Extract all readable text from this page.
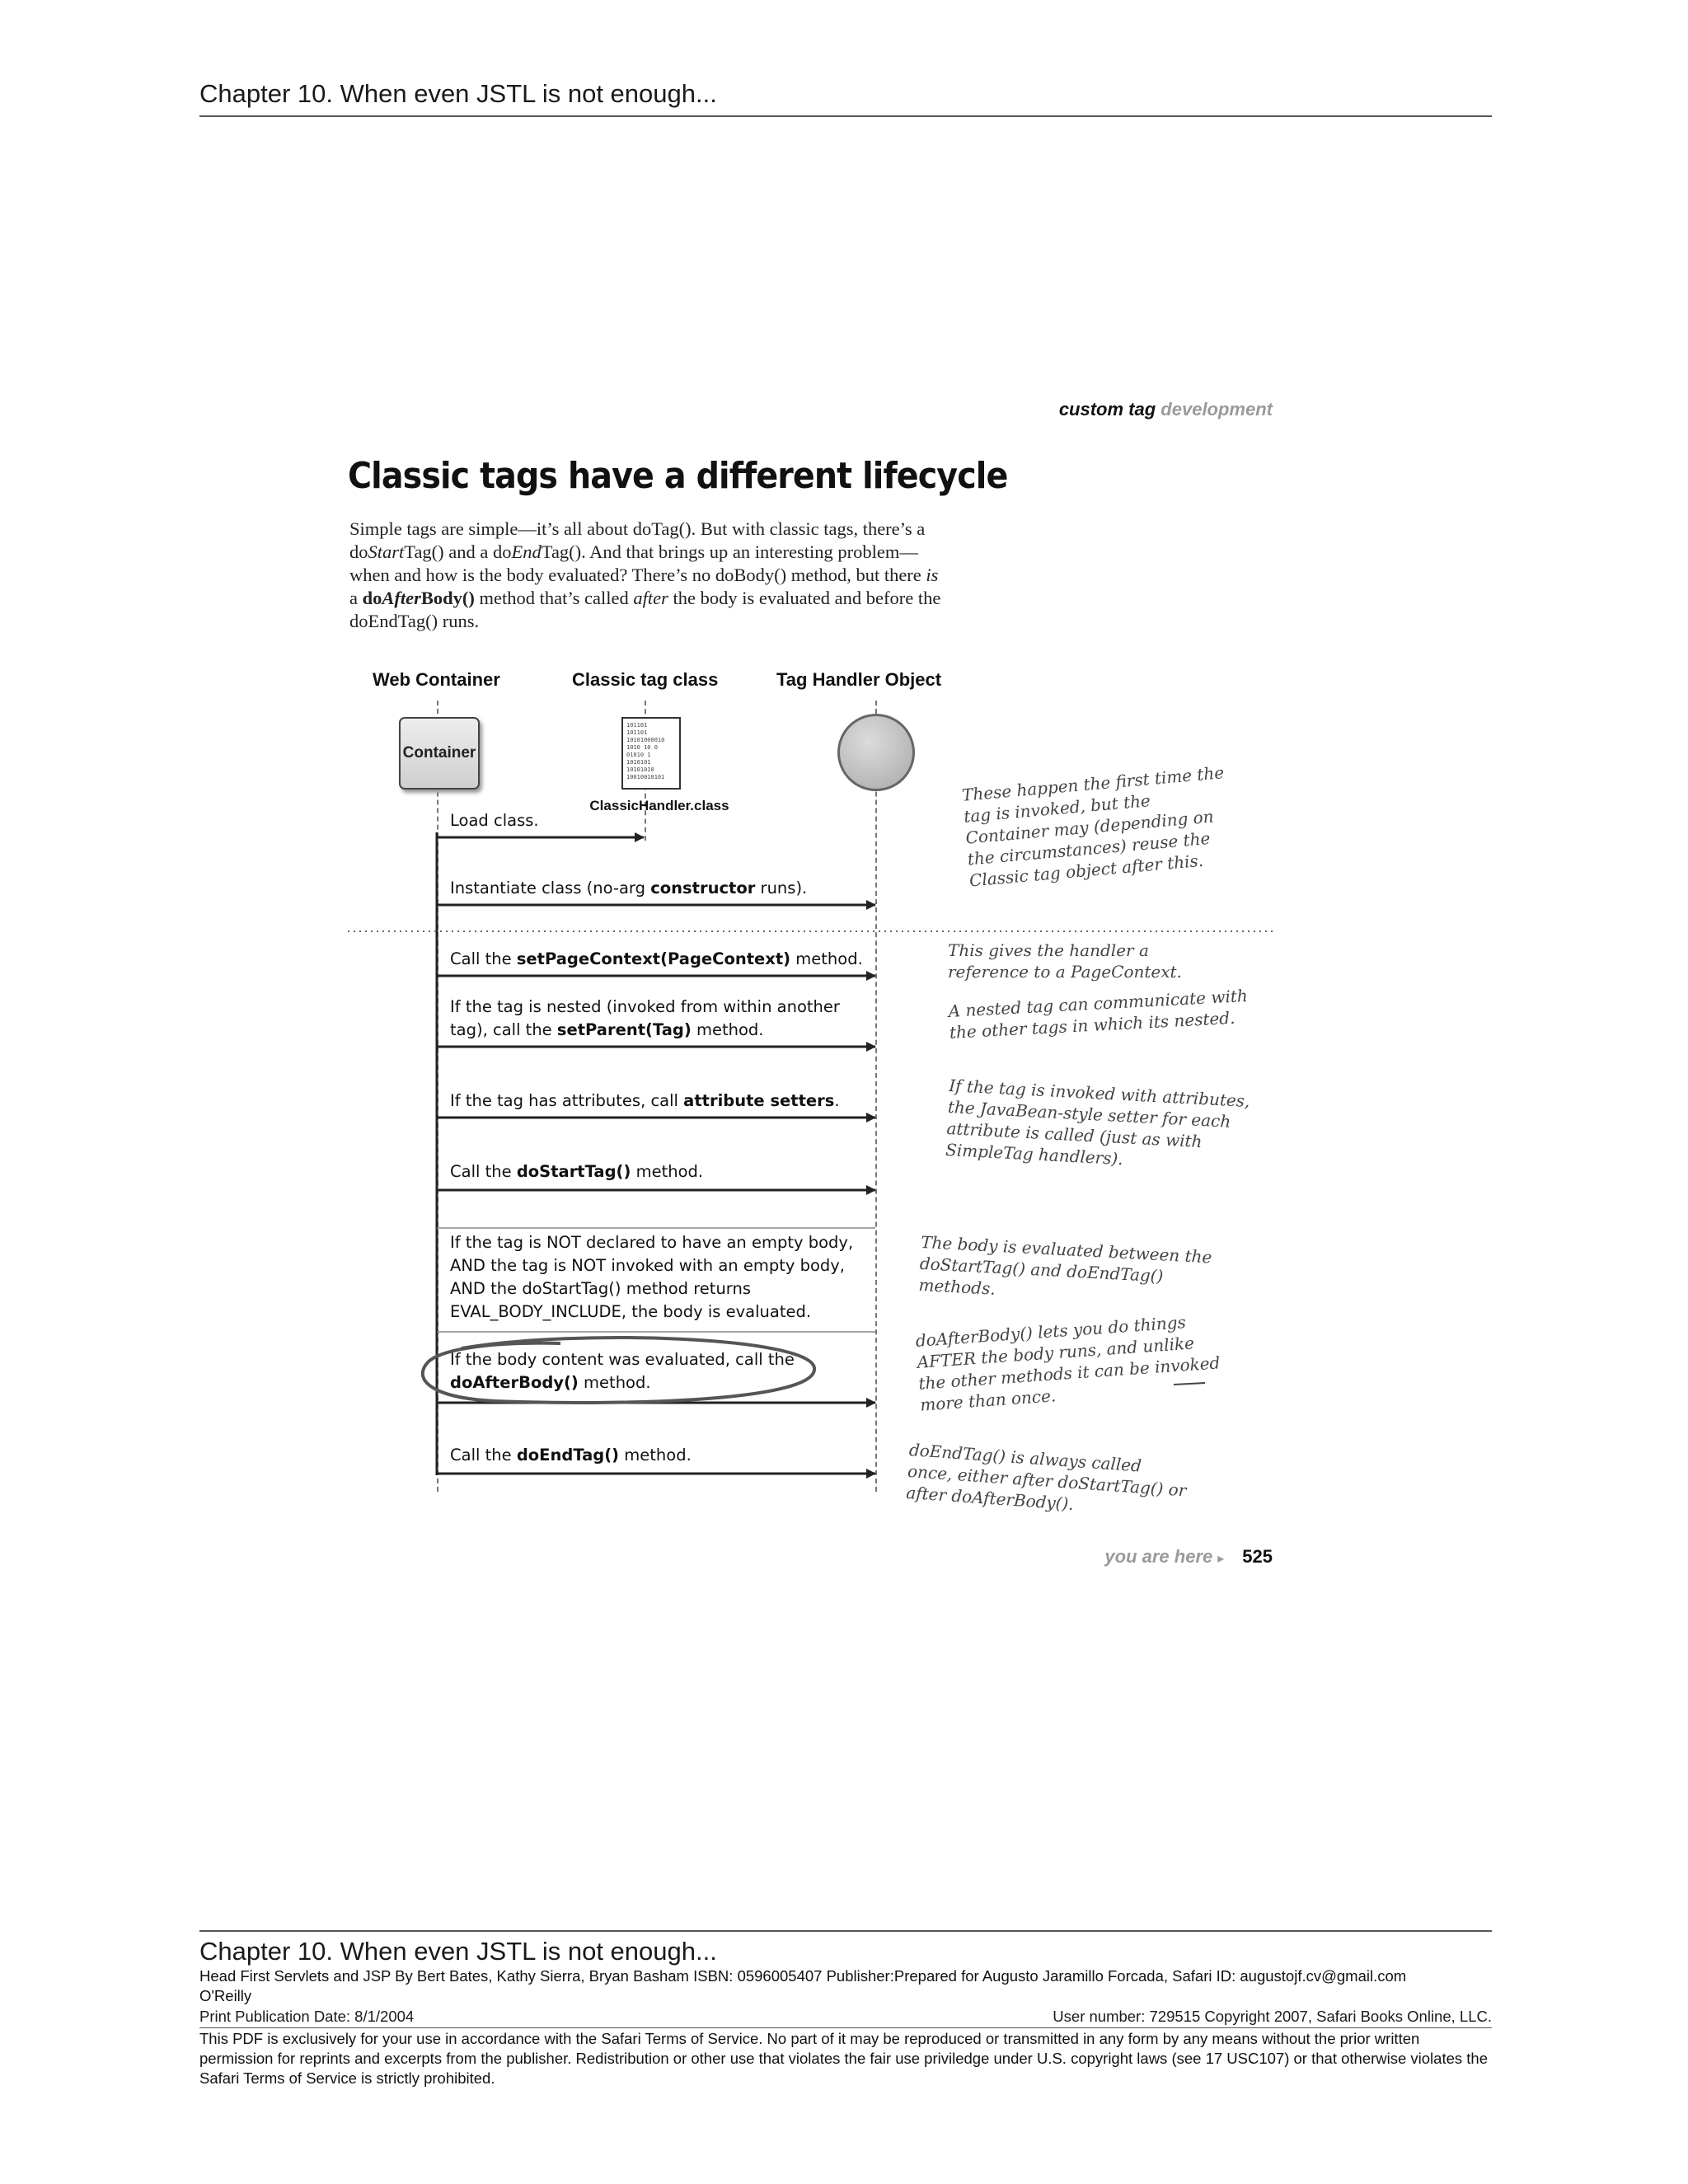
Chapter 10. When even JSTL is not enough...
custom tag development
Classic tags have a different lifecycle
Simple tags are simple—it’s all about doTag(). But with classic tags, there’s a doStartTag() and a doEndTag(). And that brings up an interesting problem—when and how is the body evaluated? There’s no doBody() method, but there is a doAfterBody() method that’s called after the body is evaluated and before the doEndTag() runs.
Web Container	Classic tag class	Tag Handler Object
Container
101101
101101
10101000010
1010 10 0
01010 1
1010101
10101010
10010010101
ClassicHandler.class
Load class.
Instantiate class (no-arg constructor runs).
Call the setPageContext(PageContext) method.
If the tag is nested (invoked from within another tag), call the setParent(Tag) method.
If the tag has attributes, call attribute setters.
Call the doStartTag() method.
If the tag is NOT declared to have an empty body, AND the tag is NOT invoked with an empty body, AND the doStartTag() method returns EVAL_BODY_INCLUDE, the body is evaluated.
If the body content was evaluated, call the doAfterBody() method.
Call the doEndTag() method.
These happen the first time the tag is invoked, but the Container may (depending on the circumstances) reuse the Classic tag object after this.
This gives the handler a reference to a PageContext.
A nested tag can communicate with the other tags in which its nested.
If the tag is invoked with attributes, the JavaBean-style setter for each attribute is called (just as with SimpleTag handlers).
The body is evaluated between the doStartTag() and doEndTag() methods.
doAfterBody() lets you do things AFTER the body runs, and unlike the other methods it can be invoked more than once.
doEndTag() is always called once, either after doStartTag() or after doAfterBody().
you are here ▸ 525
Chapter 10. When even JSTL is not enough...
Head First Servlets and JSP By Bert Bates, Kathy Sierra, Bryan Basham ISBN: 0596005407 Publisher:Prepared for Augusto Jaramillo Forcada, Safari ID: augustojf.cv@gmail.com
O'Reilly
Print Publication Date: 8/1/2004	User number: 729515 Copyright 2007, Safari Books Online, LLC.
This PDF is exclusively for your use in accordance with the Safari Terms of Service. No part of it may be reproduced or transmitted in any form by any means without the prior written permission for reprints and excerpts from the publisher. Redistribution or other use that violates the fair use priviledge under U.S. copyright laws (see 17 USC107) or that otherwise violates the Safari Terms of Service is strictly prohibited.
